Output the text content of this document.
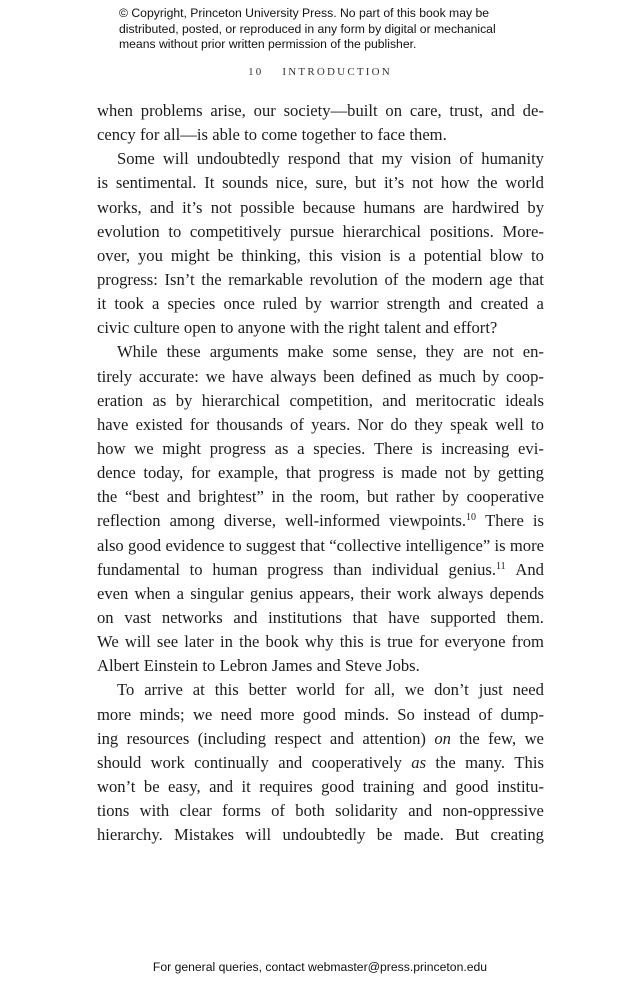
© Copyright, Princeton University Press. No part of this book may be
distributed, posted, or reproduced in any form by digital or mechanical
means without prior written permission of the publisher.
10 INTRODUCTION
when problems arise, our society—built on care, trust, and de-
cency for all—is able to come together to face them.
Some will undoubtedly respond that my vision of humanity
is sentimental. It sounds nice, sure, but it’s not how the world
works, and it’s not possible because humans are hardwired by
evolution to competitively pursue hierarchical positions. More-
over, you might be thinking, this vision is a potential blow to
progress: Isn’t the remarkable revolution of the modern age that
it took a species once ruled by warrior strength and created a
civic culture open to anyone with the right talent and effort?
While these arguments make some sense, they are not en-
tirely accurate: we have always been defined as much by coop-
eration as by hierarchical competition, and meritocratic ideals
have existed for thousands of years. Nor do they speak well to
how we might progress as a species. There is increasing evi-
dence today, for example, that progress is made not by getting
the “best and brightest” in the room, but rather by cooperative
reflection among diverse, well-informed viewpoints.$^{10}$ There is
also good evidence to suggest that “collective intelligence” is more
fundamental to human progress than individual genius.$^{11}$ And
even when a singular genius appears, their work always depends
on vast networks and institutions that have supported them.
We will see later in the book why this is true for everyone from
Albert Einstein to Lebron James and Steve Jobs.
To arrive at this better world for all, we don’t just need
more minds; we need more good minds. So instead of dump-
ing resources (including respect and attention) on the few, we
should work continually and cooperatively as the many. This
won’t be easy, and it requires good training and good institu-
tions with clear forms of both solidarity and non-oppressive
hierarchy. Mistakes will undoubtedly be made. But creating
For general queries, contact webmaster@press.princeton.edu
